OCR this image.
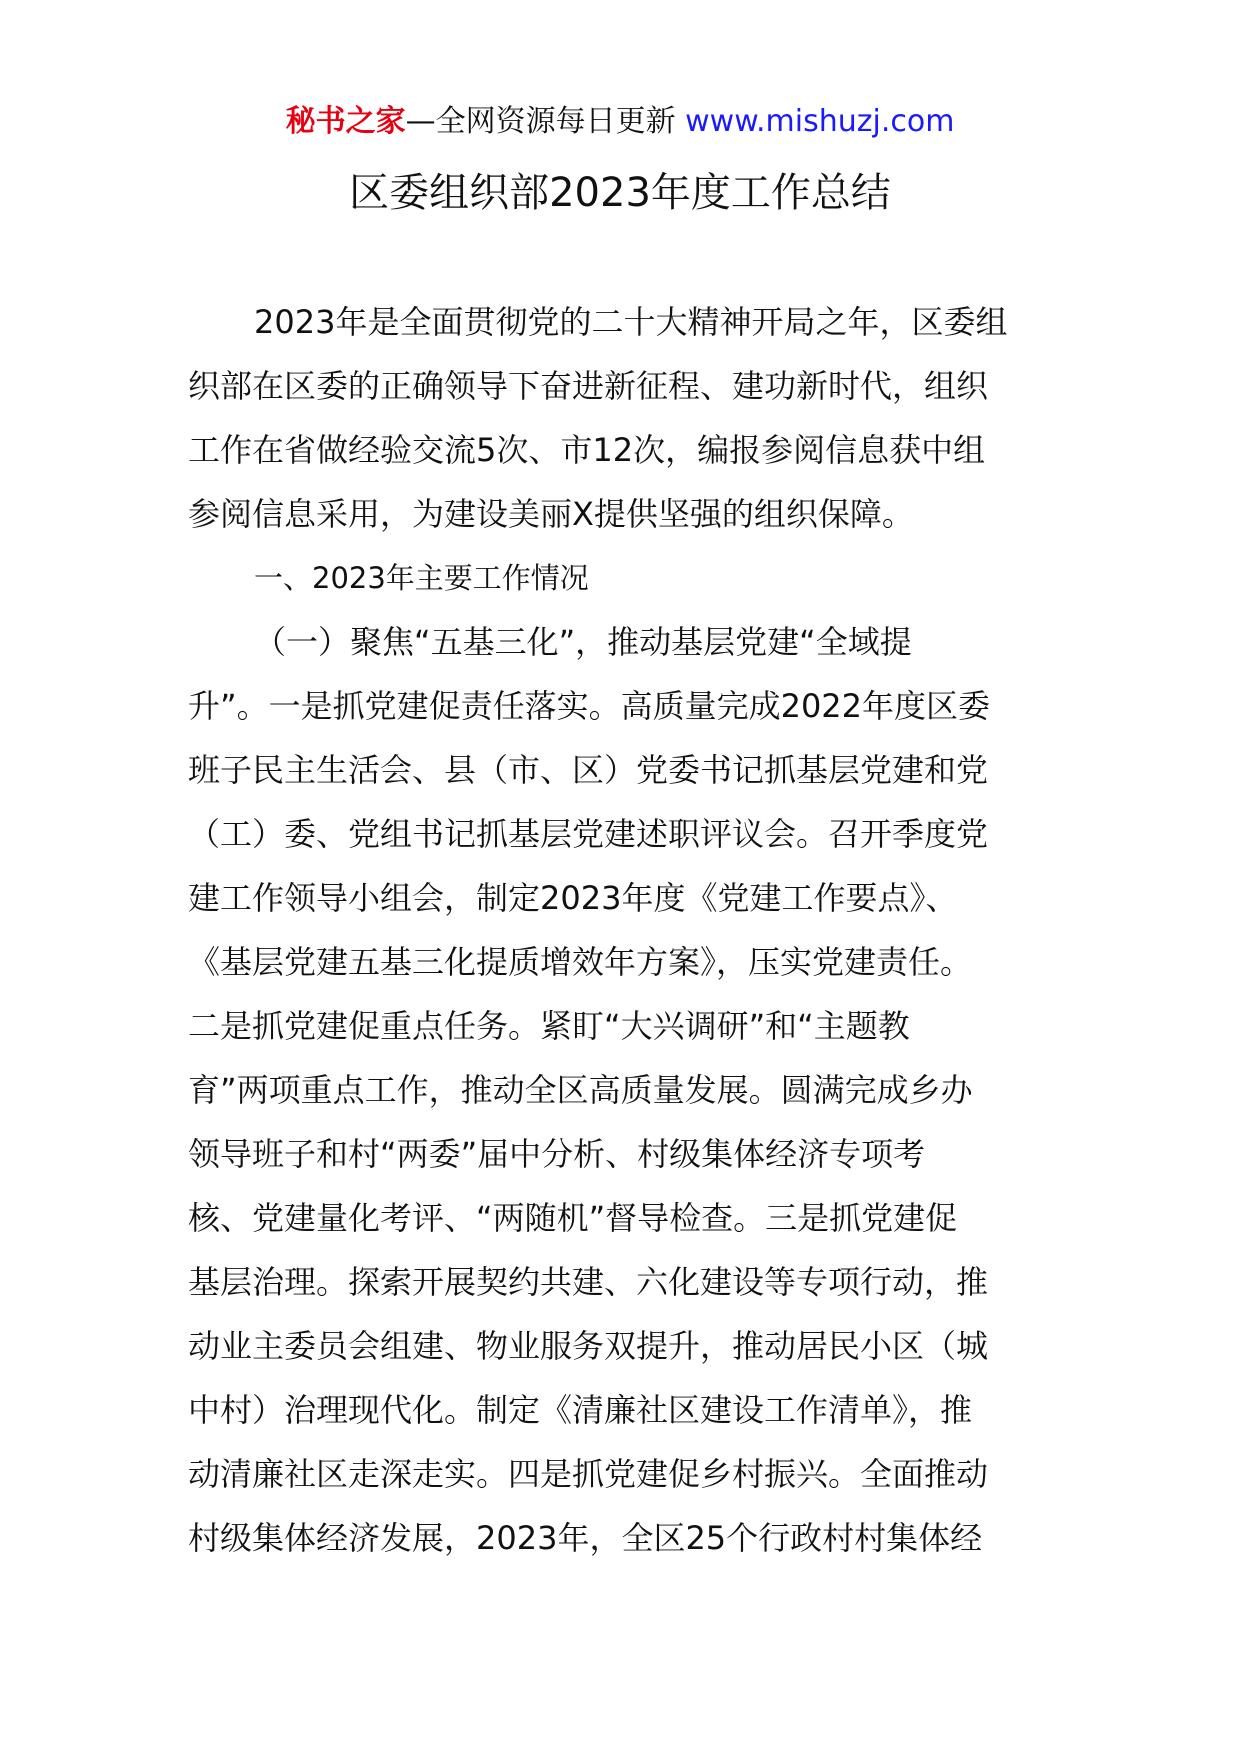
秘书之家—全网资源每日更新 www.mishuzj.com
区委组织部2023年度工作总结
2023年是全面贯彻党的二十大精神开局之年，区委组
织部在区委的正确领导下奋进新征程、建功新时代，组织
工作在省做经验交流5次、市12次，编报参阅信息获中组
参阅信息采用，为建设美丽X提供坚强的组织保障。
一、2023年主要工作情况
（一）聚焦“五基三化”，推动基层党建“全域提
升”。一是抓党建促责任落实。高质量完成2022年度区委
班子民主生活会、县（市、区）党委书记抓基层党建和党
（工）委、党组书记抓基层党建述职评议会。召开季度党
建工作领导小组会，制定2023年度《党建工作要点》、
《基层党建五基三化提质增效年方案》，压实党建责任。
二是抓党建促重点任务。紧盯“大兴调研”和“主题教
育”两项重点工作，推动全区高质量发展。圆满完成乡办
领导班子和村“两委”届中分析、村级集体经济专项考
核、党建量化考评、“两随机”督导检查。三是抓党建促
基层治理。探索开展契约共建、六化建设等专项行动，推
动业主委员会组建、物业服务双提升，推动居民小区（城
中村）治理现代化。制定《清廉社区建设工作清单》，推
动清廉社区走深走实。四是抓党建促乡村振兴。全面推动
村级集体经济发展，2023年，全区25个行政村村集体经
